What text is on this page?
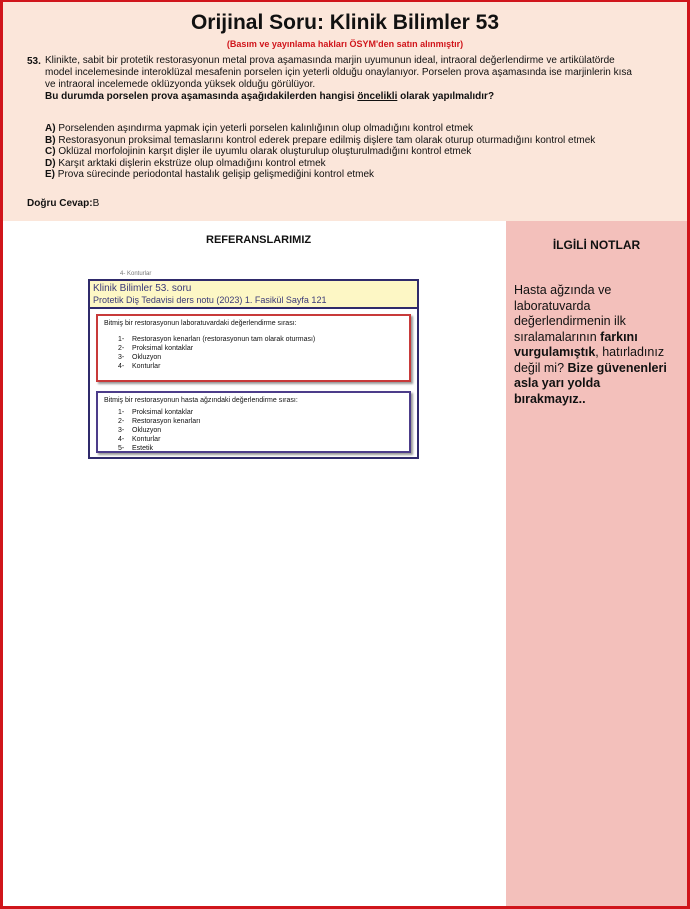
Orijinal Soru: Klinik Bilimler 53
(Basım ve yayınlama hakları ÖSYM'den satın alınmıştır)
53. Klinikte, sabit bir protetik restorasyonun metal prova aşamasında marjin uyumunun ideal, intraoral değerlendirme ve artikülatörde
model incelemesinde interoklüzal mesafenin porselen için yeterli olduğu onaylanıyor. Porselen prova aşamasında ise marjinlerin kısa
ve intraoral incelemede oklüzyonda yüksek olduğu görülüyor.
Bu durumda porselen prova aşamasında aşağıdakilerden hangisi öncelikli olarak yapılmalıdır?
A) Porselenden aşındırma yapmak için yeterli porselen kalınlığının olup olmadığını kontrol etmek
B) Restorasyonun proksimal temaslarını kontrol ederek prepare edilmiş dişlere tam olarak oturup oturmadığını kontrol etmek
C) Oklüzal morfolojinin karşıt dişler ile uyumlu olarak oluşturulup oluşturulmadığını kontrol etmek
D) Karşıt arktaki dişlerin ekstrüze olup olmadığını kontrol etmek
E) Prova sürecinde periodontal hastalık gelişip gelişmediğini kontrol etmek
Doğru Cevap:B
REFERANSLARIMIZ
4- Konturlar
Klinik Bilimler 53. soru
Protetik Diş Tedavisi ders notu (2023) 1. Fasikül Sayfa 121
Bitmiş bir restorasyonun laboratuvardaki değerlendirme sırası:
1- Restorasyon kenarları (restorasyonun tam olarak oturması)
2- Proksimal kontaklar
3- Okluzyon
4- Konturlar
Bitmiş bir restorasyonun hasta ağzındaki değerlendirme sırası:
1- Proksimal kontaklar
2- Restorasyon kenarları
3- Okluzyon
4- Konturlar
5- Estetik
İLGİLİ NOTLAR
Hasta ağzında ve laboratuvarda değerlendirmenin ilk sıralamalarının farkını vurgulamıştık, hatırladınız değil mi? Bize güvenenleri asla yarı yolda bırakmayız..
